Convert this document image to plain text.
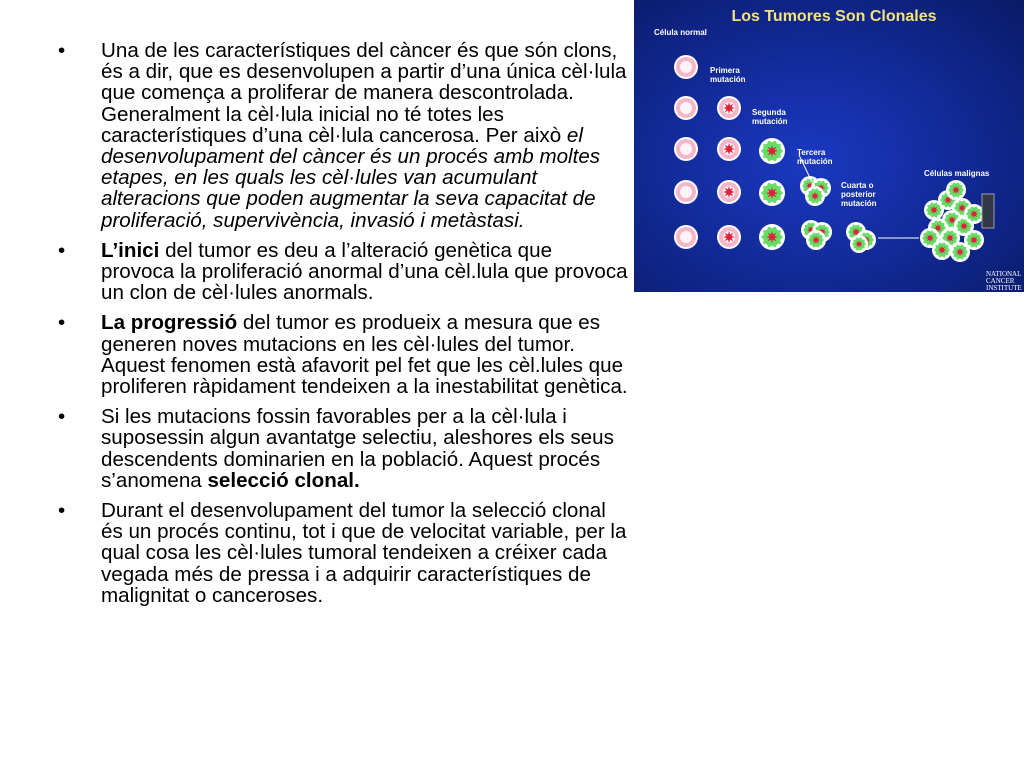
•	Una de les característiques del càncer és que són clons, és a dir, que es desenvolupen a partir d’una única cèl·lula que comença a proliferar de manera descontrolada. Generalment la cèl·lula inicial no té totes les característiques d’una cèl·lula cancerosa. Per això el desenvolupament del càncer és un procés amb moltes etapes, en les quals les cèl·lules van acumulant alteracions que poden augmentar la seva capacitat de proliferació, supervivència, invasió i metàstasi.
•	L’inici del tumor es deu a l’alteració genètica que provoca la proliferació anormal d’una cèl.lula que provoca un clon de cèl·lules anormals.
•	La progressió del tumor es produeix a mesura que es generen noves mutacions en les cèl·lules del tumor. Aquest fenomen està afavorit pel fet que les cèl.lules que proliferen ràpidament tendeixen a la inestabilitat genètica.
•	Si les mutacions fossin favorables per a la cèl·lula i suposessin algun avantatge selectiu, aleshores els seus descendents dominarien en la població. Aquest procés s’anomena selecció clonal.
•	Durant el desenvolupament del tumor la selecció clonal és un procés continu, tot i que de velocitat variable, per la qual cosa les cèl·lules tumoral tendeixen a créixer cada vegada més de pressa i a adquirir característiques de malignitat o canceroses.
Los Tumores Son Clonales
Célula normal
Primera
mutación
Segunda
mutación
Tercera
mutación
Cuarta o
posterior
mutación
Células malignas
NATIONAL
CANCER
INSTITUTE
